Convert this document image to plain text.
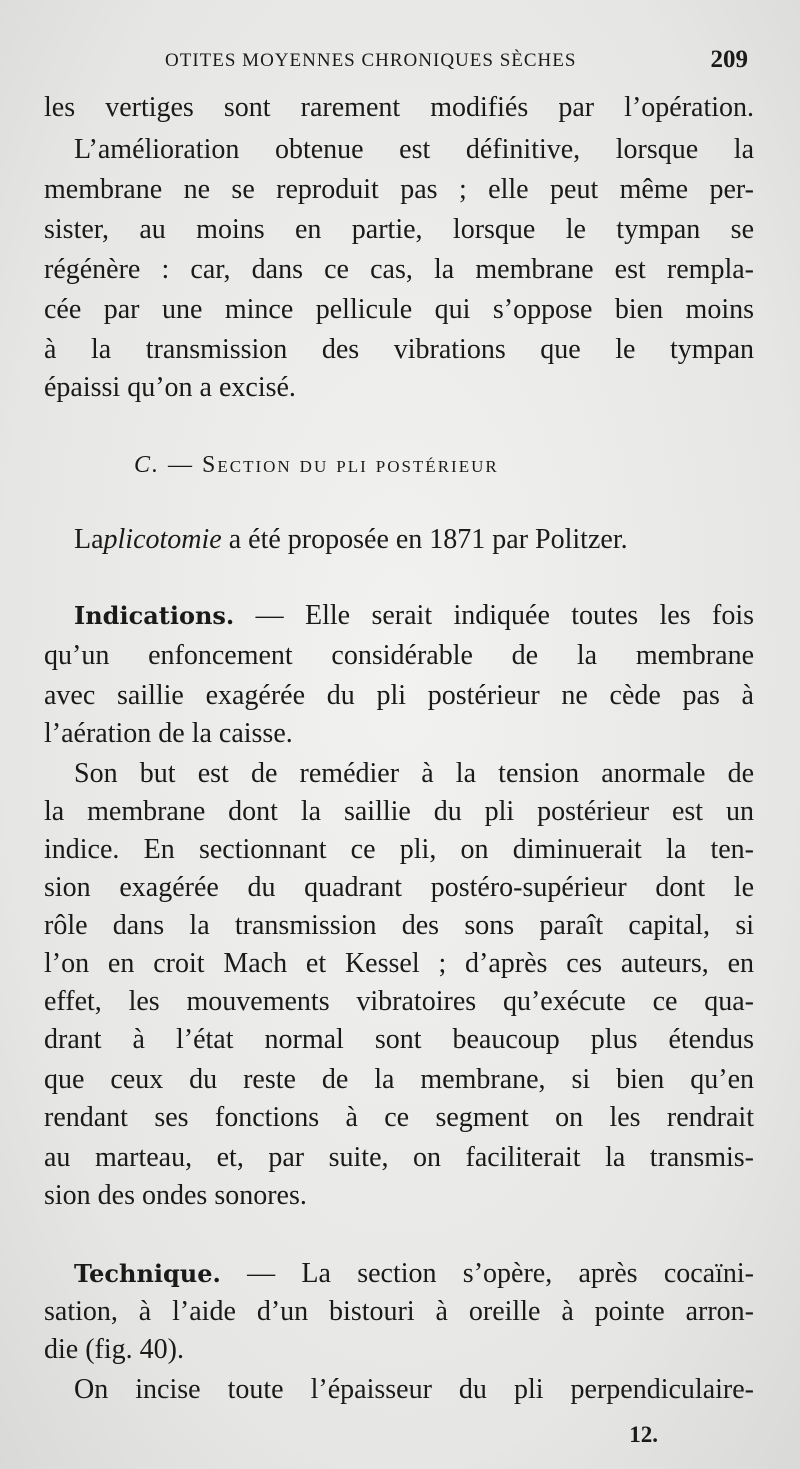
OTITES MOYENNES CHRONIQUES SÈCHES	209
les vertiges sont rarement modifiés par l’opération.
L’amélioration obtenue est définitive, lorsque la
membrane ne se reproduit pas ; elle peut même per-
sister, au moins en partie, lorsque le tympan se
régénère : car, dans ce cas, la membrane est rempla-
cée par une mince pellicule qui s’oppose bien moins
à la transmission des vibrations que le tympan
épaissi qu’on a excisé.
C. — Section du pli postérieur
Laplicotomie a été proposée en 1871 par Politzer.
Indications. — Elle serait indiquée toutes les fois
qu’un enfoncement considérable de la membrane
avec saillie exagérée du pli postérieur ne cède pas à
l’aération de la caisse.
Son but est de remédier à la tension anormale de
la membrane dont la saillie du pli postérieur est un
indice. En sectionnant ce pli, on diminuerait la ten-
sion exagérée du quadrant postéro-supérieur dont le
rôle dans la transmission des sons paraît capital, si
l’on en croit Mach et Kessel ; d’après ces auteurs, en
effet, les mouvements vibratoires qu’exécute ce qua-
drant à l’état normal sont beaucoup plus étendus
que ceux du reste de la membrane, si bien qu’en
rendant ses fonctions à ce segment on les rendrait
au marteau, et, par suite, on faciliterait la transmis-
sion des ondes sonores.
Technique. — La section s’opère, après cocaïni-
sation, à l’aide d’un bistouri à oreille à pointe arron-
die (fig. 40).
On incise toute l’épaisseur du pli perpendiculaire-
12.
